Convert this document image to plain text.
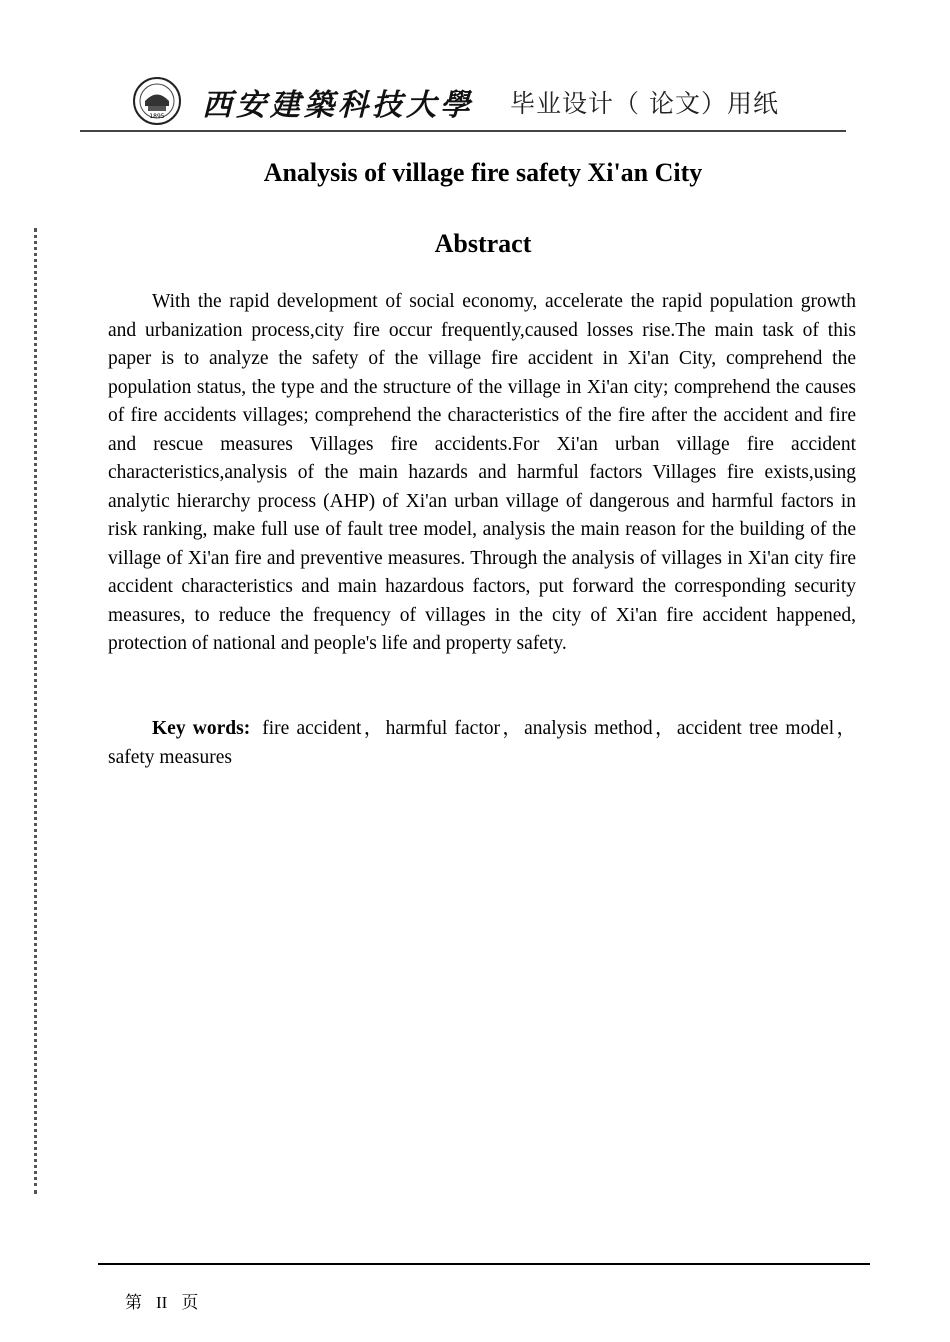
1895 西安建築科技大學 毕业设计（ 论文）用纸
Analysis of village fire safety Xi'an City
Abstract

With the rapid development of social economy, accelerate the rapid population growth and urbanization process,city fire occur frequently,caused losses rise.The main task of this paper is to analyze the safety of the village fire accident in Xi'an City, comprehend the population status, the type and the structure of the village in Xi'an city; comprehend the causes of fire accidents villages; comprehend the characteristics of the fire after the accident and fire and rescue measures Villages fire accidents.For Xi'an urban village fire accident characteristics,analysis of the main hazards and harmful factors Villages fire exists,using analytic hierarchy process (AHP) of Xi'an urban village of dangerous and harmful factors in risk ranking, make full use of fault tree model, analysis the main reason for the building of the village of Xi'an fire and preventive measures. Through the analysis of villages in Xi'an city fire accident characteristics and main hazardous factors, put forward the corresponding security measures, to reduce the frequency of villages in the city of Xi'an fire accident happened, protection of national and people's life and property safety.

Key words: fire accident，harmful factor，analysis method，accident tree model，safety measures

第 II 页
